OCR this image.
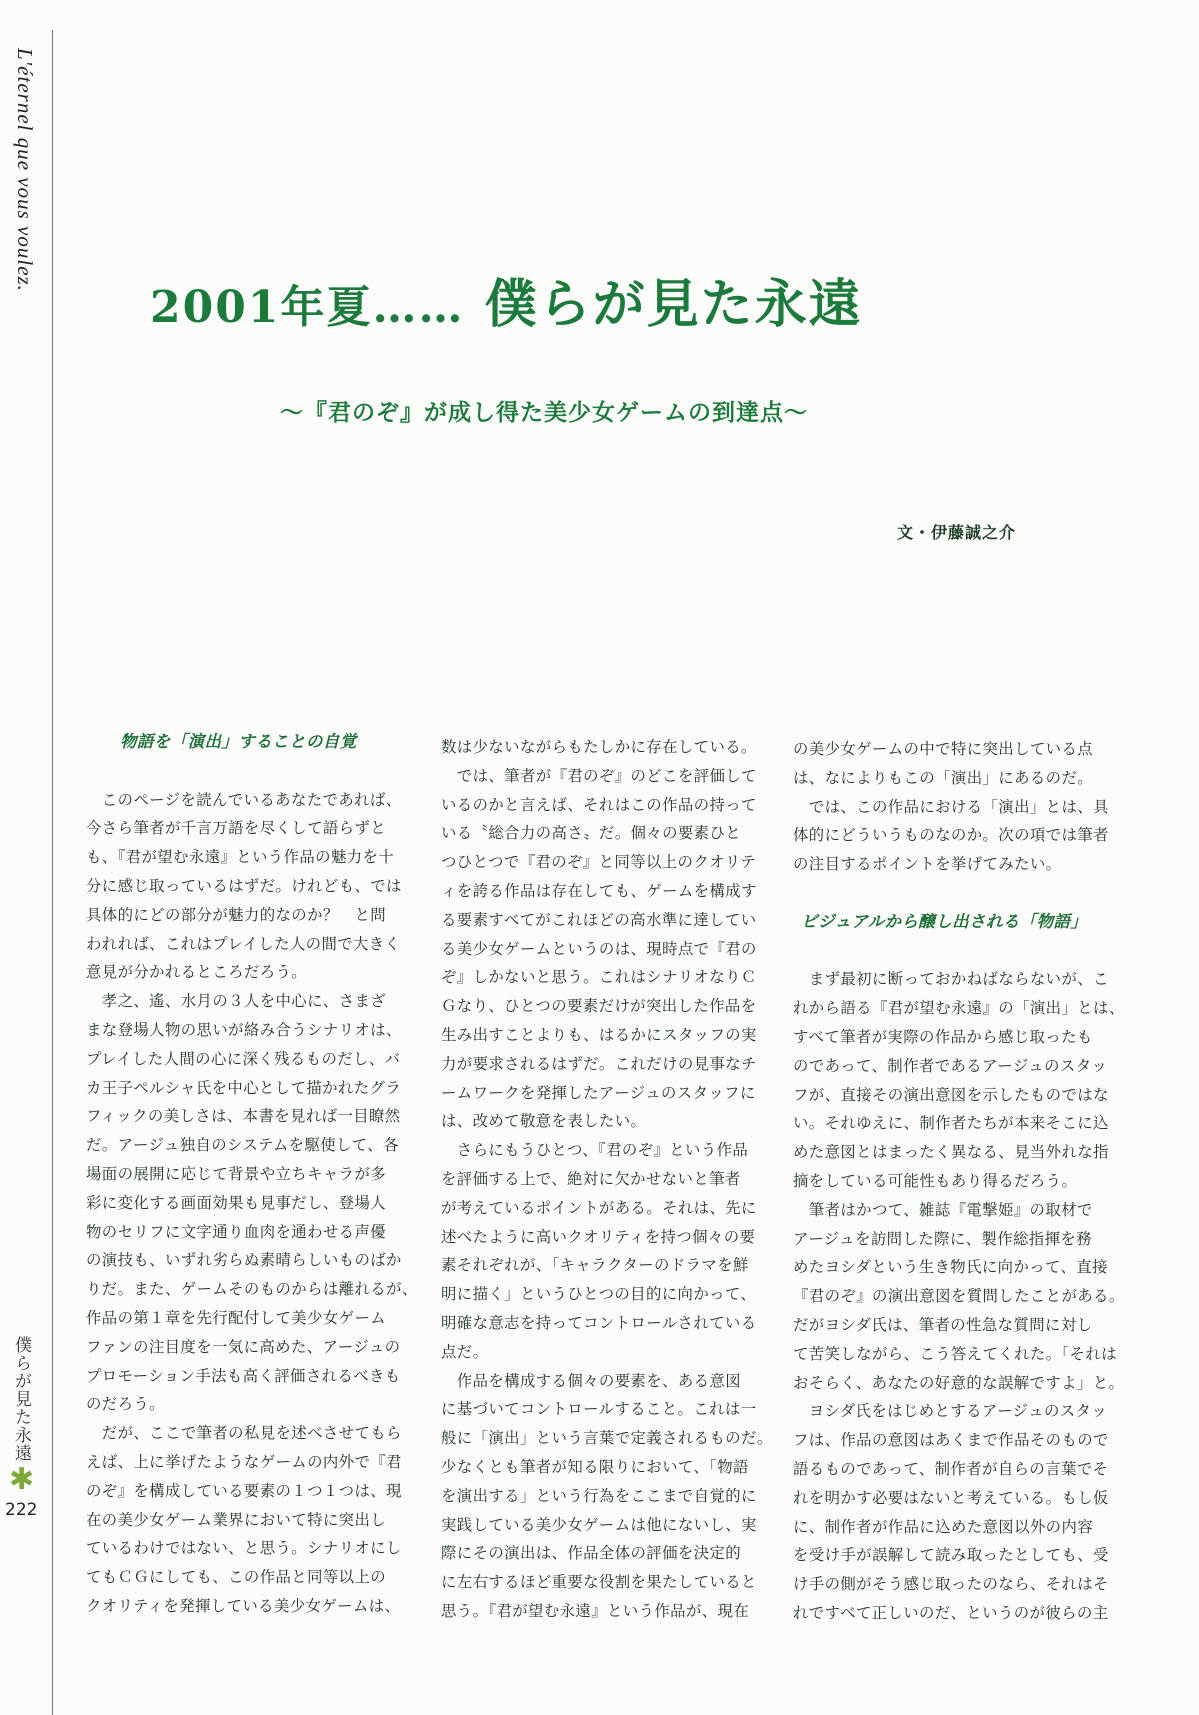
L'éternel que vous voulez.
僕らが見た永遠
✱
222
2001年夏…… 僕らが見た永遠
〜『君のぞ』が成し得た美少女ゲームの到達点〜
文・伊藤誠之介
物語を「演出」することの自覚
　このページを読んでいるあなたであれば、
今さら筆者が千言万語を尽くして語らずと
も、『君が望む永遠』という作品の魅力を十
分に感じ取っているはずだ。けれども、では
具体的にどの部分が魅力的なのか？　と問
われれば、これはプレイした人の間で大きく
意見が分かれるところだろう。
　孝之、遙、水月の３人を中心に、さまざ
まな登場人物の思いが絡み合うシナリオは、
プレイした人間の心に深く残るものだし、バ
カ王子ペルシャ氏を中心として描かれたグラ
フィックの美しさは、本書を見れば一目瞭然
だ。アージュ独自のシステムを駆使して、各
場面の展開に応じて背景や立ちキャラが多
彩に変化する画面効果も見事だし、登場人
物のセリフに文字通り血肉を通わせる声優
の演技も、いずれ劣らぬ素晴らしいものばか
りだ。また、ゲームそのものからは離れるが、
作品の第１章を先行配付して美少女ゲーム
ファンの注目度を一気に高めた、アージュの
プロモーション手法も高く評価されるべきも
のだろう。
　だが、ここで筆者の私見を述べさせてもら
えば、上に挙げたようなゲームの内外で『君
のぞ』を構成している要素の１つ１つは、現
在の美少女ゲーム業界において特に突出し
ているわけではない、と思う。シナリオにし
てもＣＧにしても、この作品と同等以上の
クオリティを発揮している美少女ゲームは、
数は少ないながらもたしかに存在している。
　では、筆者が『君のぞ』のどこを評価して
いるのかと言えば、それはこの作品の持って
いる〝総合力の高さ〟だ。個々の要素ひと
つひとつで『君のぞ』と同等以上のクオリテ
ィを誇る作品は存在しても、ゲームを構成す
る要素すべてがこれほどの高水準に達してい
る美少女ゲームというのは、現時点で『君の
ぞ』しかないと思う。これはシナリオなりＣ
Ｇなり、ひとつの要素だけが突出した作品を
生み出すことよりも、はるかにスタッフの実
力が要求されるはずだ。これだけの見事なチ
ームワークを発揮したアージュのスタッフに
は、改めて敬意を表したい。
　さらにもうひとつ、『君のぞ』という作品
を評価する上で、絶対に欠かせないと筆者
が考えているポイントがある。それは、先に
述べたように高いクオリティを持つ個々の要
素それぞれが、「キャラクターのドラマを鮮
明に描く」というひとつの目的に向かって、
明確な意志を持ってコントロールされている
点だ。
　作品を構成する個々の要素を、ある意図
に基づいてコントロールすること。これは一
般に「演出」という言葉で定義されるものだ。
少なくとも筆者が知る限りにおいて、「物語
を演出する」という行為をここまで自覚的に
実践している美少女ゲームは他にないし、実
際にその演出は、作品全体の評価を決定的
に左右するほど重要な役割を果たしていると
思う。『君が望む永遠』という作品が、現在
の美少女ゲームの中で特に突出している点
は、なによりもこの「演出」にあるのだ。
　では、この作品における「演出」とは、具
体的にどういうものなのか。次の項では筆者
の注目するポイントを挙げてみたい。
ビジュアルから醸し出される「物語」
　まず最初に断っておかねばならないが、こ
れから語る『君が望む永遠』の「演出」とは、
すべて筆者が実際の作品から感じ取ったも
のであって、制作者であるアージュのスタッ
フが、直接その演出意図を示したものではな
い。それゆえに、制作者たちが本来そこに込
めた意図とはまったく異なる、見当外れな指
摘をしている可能性もあり得るだろう。
　筆者はかつて、雑誌『電撃姫』の取材で
アージュを訪問した際に、製作総指揮を務
めたヨシダという生き物氏に向かって、直接
『君のぞ』の演出意図を質問したことがある。
だがヨシダ氏は、筆者の性急な質問に対し
て苦笑しながら、こう答えてくれた。「それは
おそらく、あなたの好意的な誤解ですよ」と。
　ヨシダ氏をはじめとするアージュのスタッ
フは、作品の意図はあくまで作品そのもので
語るものであって、制作者が自らの言葉でそ
れを明かす必要はないと考えている。もし仮
に、制作者が作品に込めた意図以外の内容
を受け手が誤解して読み取ったとしても、受
け手の側がそう感じ取ったのなら、それはそ
れですべて正しいのだ、というのが彼らの主
